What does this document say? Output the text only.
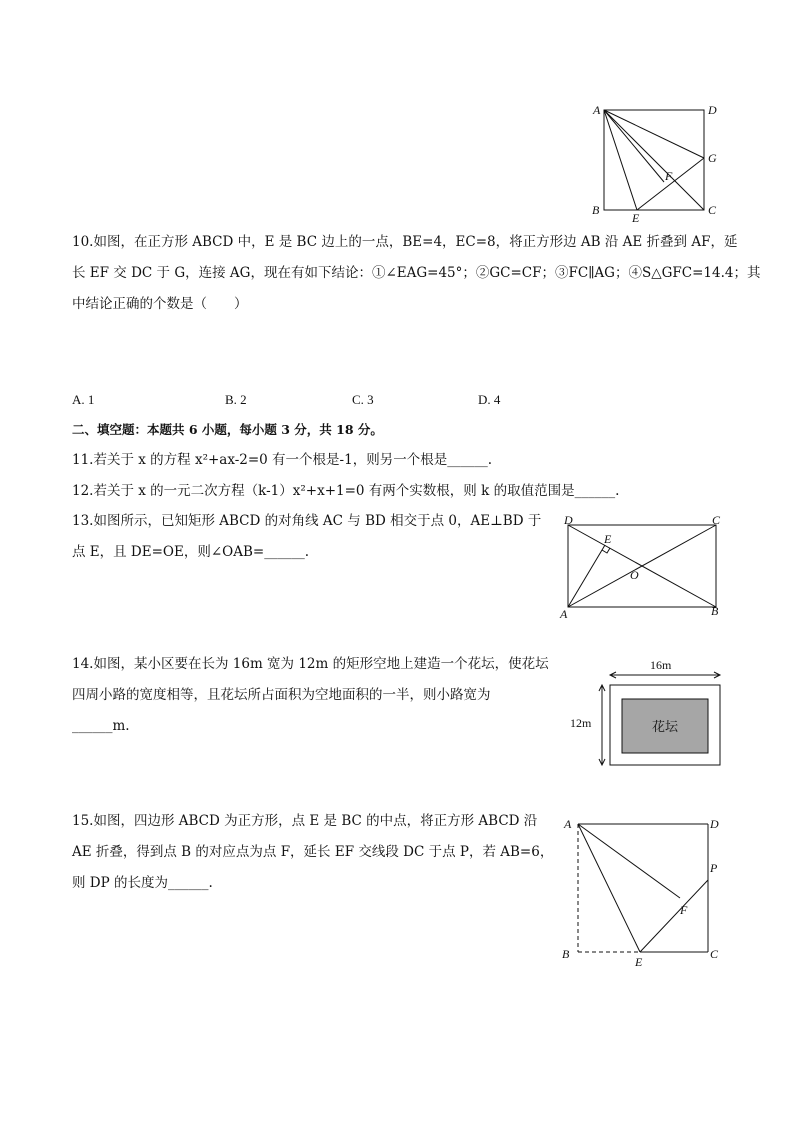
A	D
B	C
E
F
G
10.如图，在正方形 ABCD 中，E 是 BC 边上的一点，BE=4，EC=8，将正方形边 AB 沿 AE 折叠到 AF，延
长 EF 交 DC 于 G，连接 AG，现在有如下结论：①∠EAG=45°；②GC=CF；③FC∥AG；④S△GFC=14.4；其
中结论正确的个数是（　　）
A. 1	B. 2	C. 3	D. 4
二、填空题：本题共 6 小题，每小题 3 分，共 18 分。
11.若关于 x 的方程 x²+ax-2=0 有一个根是-1，则另一个根是______.
12.若关于 x 的一元二次方程（k-1）x²+x+1=0 有两个实数根，则 k 的取值范围是______.
13.如图所示，已知矩形 ABCD 的对角线 AC 与 BD 相交于点 0，AE⊥BD 于
点 E，且 DE=OE，则∠OAB=______.
D	C
A	B
E
O
14.如图，某小区要在长为 16m 宽为 12m 的矩形空地上建造一个花坛，使花坛
四周小路的宽度相等，且花坛所占面积为空地面积的一半，则小路宽为
______m.
16m
12m	花坛
15.如图，四边形 ABCD 为正方形，点 E 是 BC 的中点，将正方形 ABCD 沿
AE 折叠，得到点 B 的对应点为点 F，延长 EF 交线段 DC 于点 P，若 AB=6，
则 DP 的长度为______.
A	D
P
F
B
E
C
